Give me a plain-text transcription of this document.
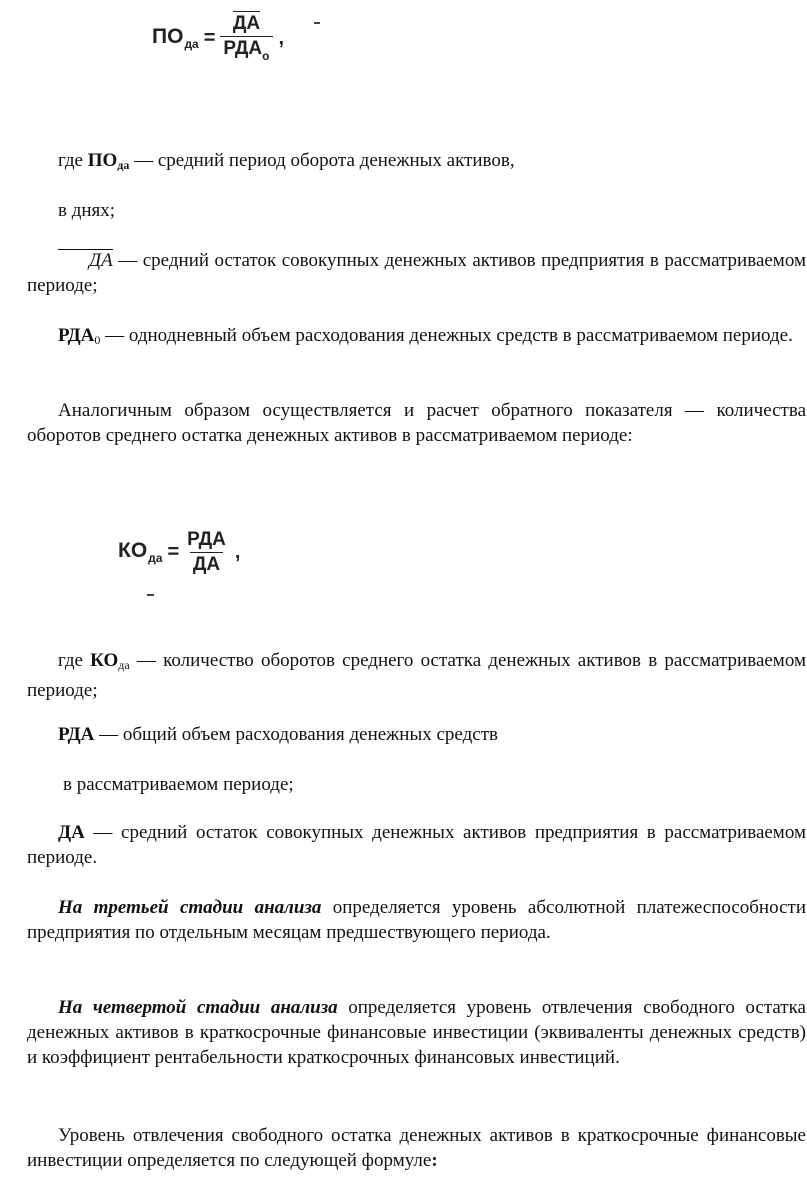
$ПО_{да} = \frac{ДА}{РДА_о}$ ,
где ПОда — средний период оборота денежных активов,
в днях;
ДА — средний остаток совокупных денежных активов предприятия в рассматриваемом периоде;
РДА0 — однодневный объем расходования денежных средств в рассматриваемом периоде.
Аналогичным образом осуществляется и расчет обратного показателя — количества оборотов среднего остатка денежных активов в рассматриваемом периоде:
$КО_{да} = \frac{\text{РДА}}{ДА}$ ,
где КОда — количество оборотов среднего остатка денежных активов в рассматриваемом периоде;
РДА — общий объем расходования денежных средств
в рассматриваемом периоде;
ДА — средний остаток совокупных денежных активов предприятия в рассматриваемом периоде.
На третьей стадии анализа определяется уровень абсолютной платежеспособности предприятия по отдельным месяцам предшествующего периода.
На четвертой стадии анализа определяется уровень отвлечения свободного остатка денежных активов в краткосрочные финансовые инвестиции (эквиваленты денежных средств) и коэффициент рентабельности краткосрочных финансовых инвестиций.
Уровень отвлечения свободного остатка денежных активов в краткосрочные финансовые инвестиции определяется по следующей формуле:
